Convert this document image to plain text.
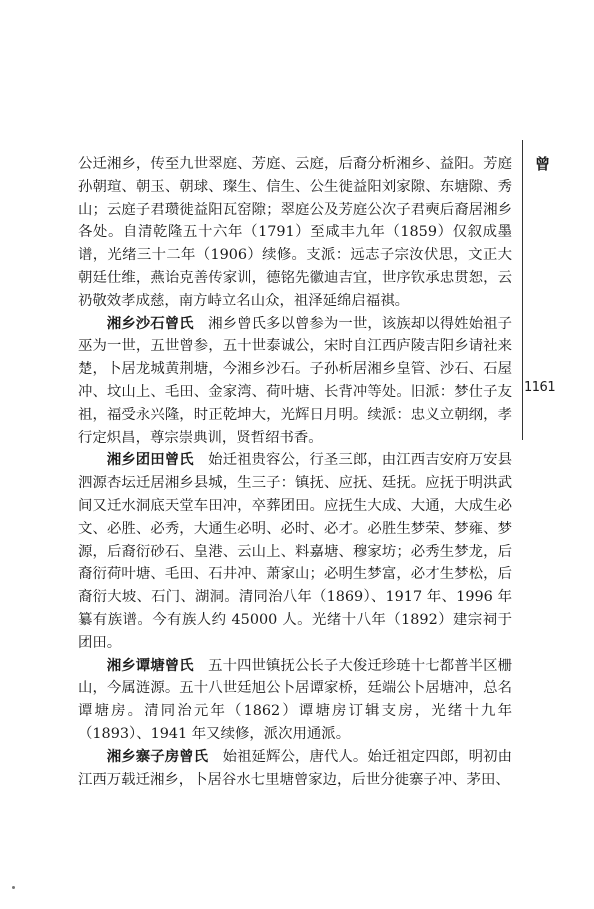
曾
1161

公迁湘乡，传至九世翠庭、芳庭、云庭，后裔分析湘乡、益阳。芳庭孙朝瑄、朝玉、朝球、璨生、信生、公生徙益阳刘家隙、东塘隙、秀山；云庭子君瓒徙益阳瓦窑隙；翠庭公及芳庭公次子君奭后裔居湘乡各处。自清乾隆五十六年（1791）至咸丰九年（1859）仅叙成墨谱，光绪三十二年（1906）续修。支派：远志子宗汝伏思，文正大朝廷仕维，燕诒克善传家训，德铭先徽迪吉宜，世序钦承忠贯恕，云礽敬效孝成慈，南方峙立名山众，祖泽延绵启福祺。

湘乡沙石曾氏　 湘乡曾氏多以曾参为一世，该族却以得姓始祖子巫为一世，五世曾参，五十世泰诚公，宋时自江西庐陵吉阳乡请社来楚，卜居龙城黄荆塘，今湘乡沙石。子孙析居湘乡皇管、沙石、石屋冲、坟山上、毛田、金家湾、荷叶塘、长背冲等处。旧派：梦仕子友祖，福受永兴隆，时正乾坤大，光辉日月明。续派：忠义立朝纲，孝行定炽昌，尊宗崇典训，贤哲绍书香。

湘乡团田曾氏　 始迁祖贵容公，行圣三郎，由江西吉安府万安县泗源杏坛迁居湘乡县城，生三子：镇抚、应抚、廷抚。应抚于明洪武间又迁水洞底天堂车田冲，卒葬团田。应抚生大成、大通，大成生必文、必胜、必秀，大通生必明、必时、必才。必胜生梦荣、梦雍、梦源，后裔衍砂石、皇港、云山上、料嘉塘、穆家坊；必秀生梦龙，后裔衍荷叶塘、毛田、石井冲、萧家山；必明生梦富，必才生梦松，后裔衍大坡、石门、湖洞。清同治八年（1869）、1917 年、1996 年纂有族谱。今有族人约 45000 人。光绪十八年（1892）建宗祠于团田。

湘乡谭塘曾氏　 五十四世镇抚公长子大俊迁珍琏十七都普半区栅山，今属涟源。五十八世廷旭公卜居谭家桥，廷端公卜居塘冲，总名谭塘房。清同治元年（1862）谭塘房订辑支房，光绪十九年（1893）、1941 年又续修，派次用通派。

湘乡寨子房曾氏　 始祖延辉公，唐代人。始迁祖定四郎，明初由江西万载迁湘乡，卜居谷水七里塘曾家边，后世分徙寨子冲、茅田、
